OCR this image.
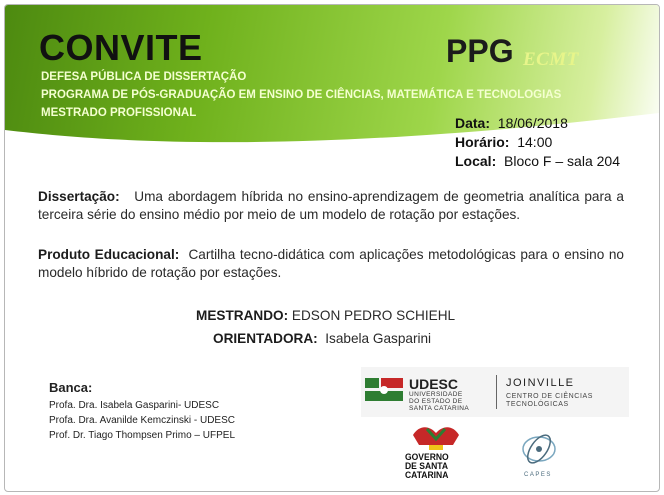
CONVITE	PPG ECMT
DEFESA PÚBLICA DE DISSERTAÇÃO
PROGRAMA DE PÓS-GRADUAÇÃO EM ENSINO DE CIÊNCIAS, MATEMÁTICA E TECNOLOGIAS
MESTRADO PROFISSIONAL
Data: 18/06/2018
Horário: 14:00
Local: Bloco F – sala 204
Dissertação: Uma abordagem híbrida no ensino-aprendizagem de geometria analítica para a terceira série do ensino médio por meio de um modelo de rotação por estações.
Produto Educacional: Cartilha tecno-didática com aplicações metodológicas para o ensino no modelo híbrido de rotação por estações.
MESTRANDO: EDSON PEDRO SCHIEHL
ORIENTADORA: Isabela Gasparini
Banca:
Profa. Dra. Isabela Gasparini- UDESC
Profa. Dra. Avanilde Kemczinski - UDESC
Prof. Dr. Tiago Thompsen Primo – UFPEL
UDESC
UNIVERSIDADE
DO ESTADO DE
SANTA CATARINA
JOINVILLE
CENTRO DE CIÊNCIAS
TECNOLÓGICAS
GOVERNO
DE SANTA
CATARINA	CAPES
